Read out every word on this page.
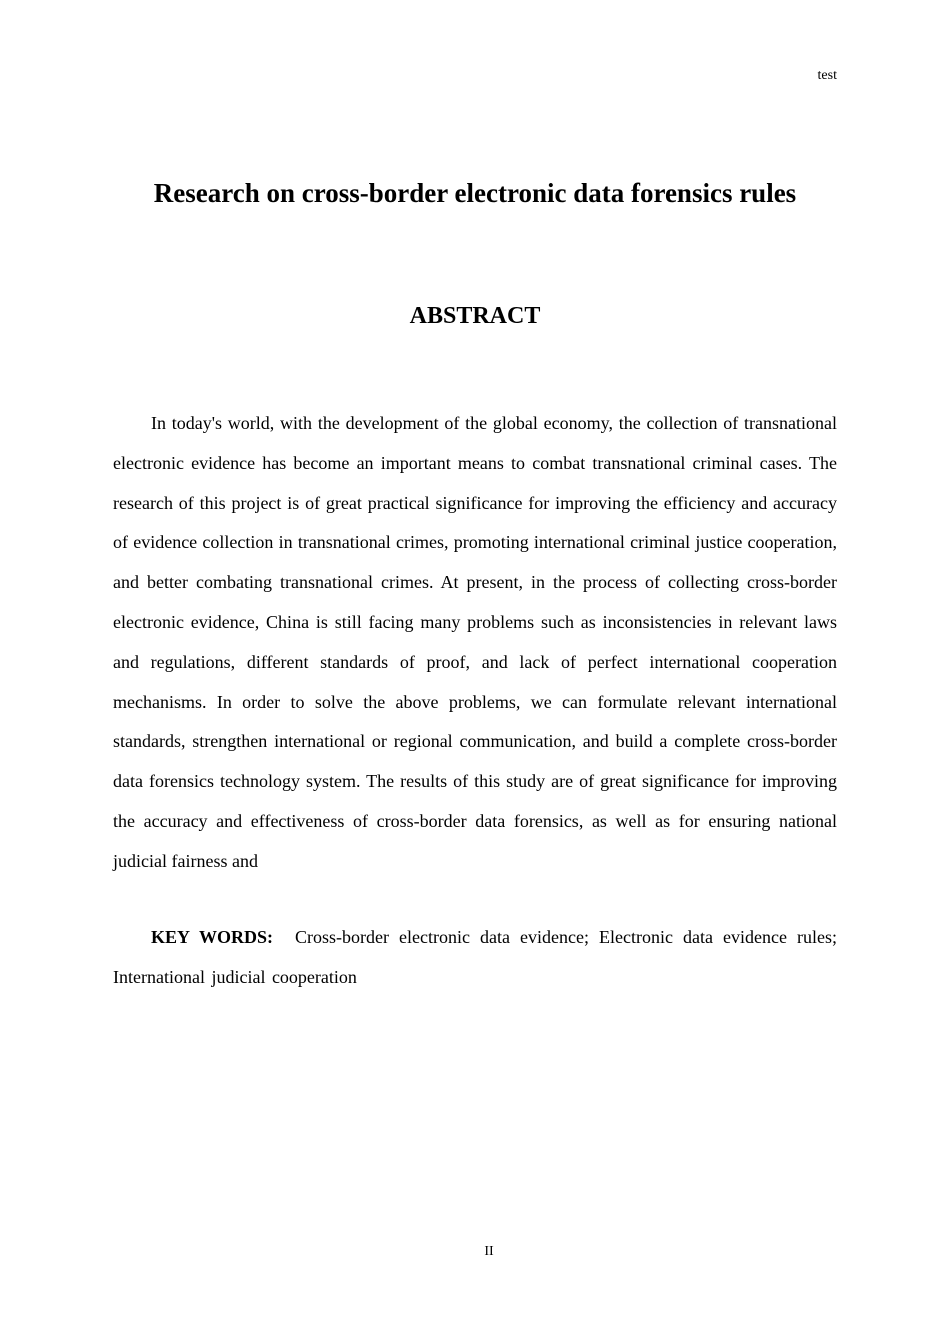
test
Research on cross-border electronic data forensics rules
ABSTRACT

In today's world, with the development of the global economy, the collection of transnational electronic evidence has become an important means to combat transnational criminal cases. The research of this project is of great practical significance for improving the efficiency and accuracy of evidence collection in transnational crimes, promoting international criminal justice cooperation, and better combating transnational crimes. At present, in the process of collecting cross-border electronic evidence, China is still facing many problems such as inconsistencies in relevant laws and regulations, different standards of proof, and lack of perfect international cooperation mechanisms. In order to solve the above problems, we can formulate relevant international standards, strengthen international or regional communication, and build a complete cross-border data forensics technology system. The results of this study are of great significance for improving the accuracy and effectiveness of cross-border data forensics, as well as for ensuring national judicial fairness and

KEY WORDS: Cross-border electronic data evidence; Electronic data evidence rules; International judicial cooperation

II
